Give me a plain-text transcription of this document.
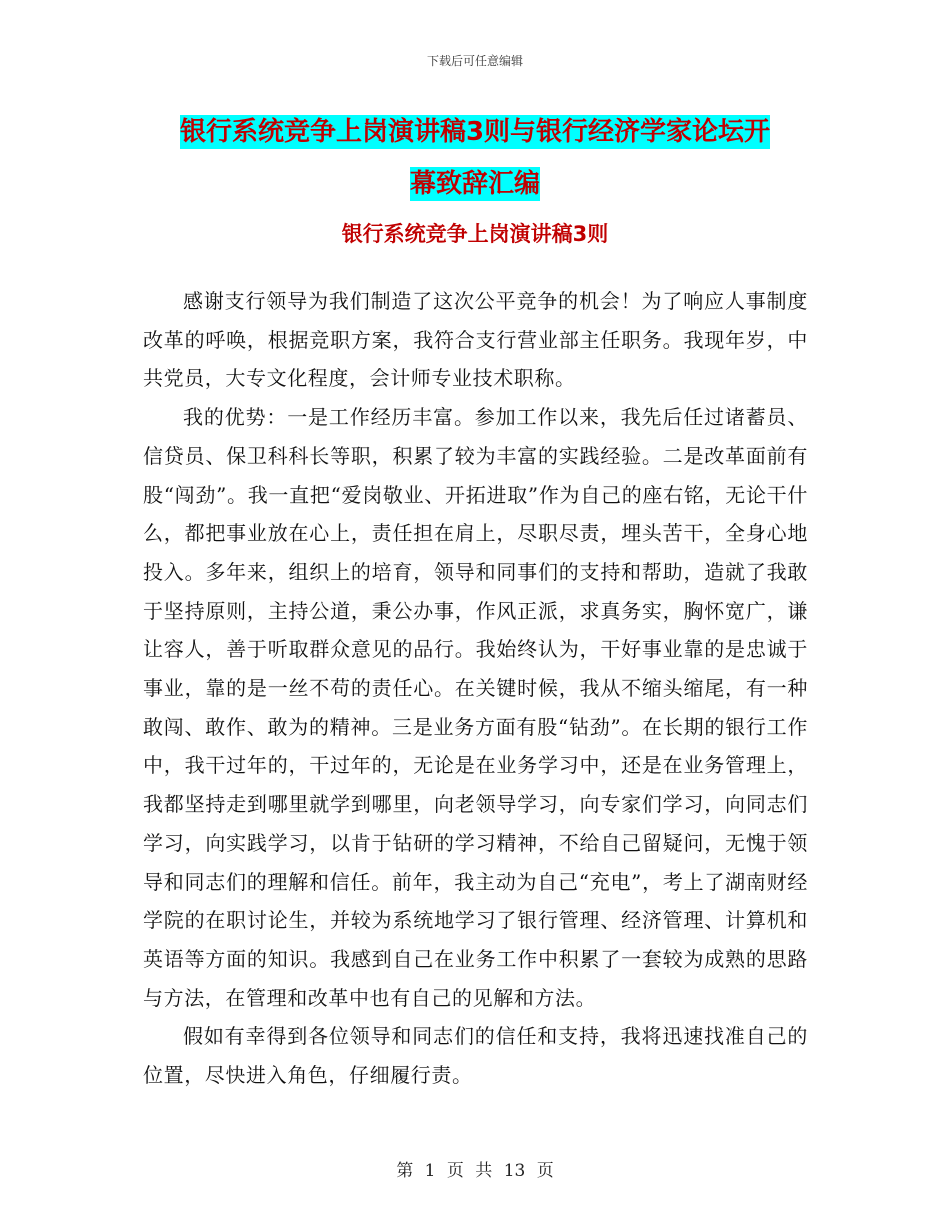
下载后可任意编辑
银行系统竞争上岗演讲稿3则与银行经济学家论坛开
幕致辞汇编
银行系统竞争上岗演讲稿3则

感谢支行领导为我们制造了这次公平竞争的机会！为了响应人事制度改革的呼唤，根据竞职方案，我符合支行营业部主任职务。我现年岁，中共党员，大专文化程度，会计师专业技术职称。

我的优势：一是工作经历丰富。参加工作以来，我先后任过诸蓄员、信贷员、保卫科科长等职，积累了较为丰富的实践经验。二是改革面前有股“闯劲”。我一直把“爱岗敬业、开拓进取”作为自己的座右铭，无论干什么，都把事业放在心上，责任担在肩上，尽职尽责，埋头苦干，全身心地投入。多年来，组织上的培育，领导和同事们的支持和帮助，造就了我敢于坚持原则，主持公道，秉公办事，作风正派，求真务实，胸怀宽广，谦让容人，善于听取群众意见的品行。我始终认为，干好事业靠的是忠诚于事业，靠的是一丝不苟的责任心。在关键时候，我从不缩头缩尾，有一种敢闯、敢作、敢为的精神。三是业务方面有股“钻劲”。在长期的银行工作中，我干过年的，干过年的，无论是在业务学习中，还是在业务管理上，我都坚持走到哪里就学到哪里，向老领导学习，向专家们学习，向同志们学习，向实践学习，以肯于钻研的学习精神，不给自己留疑问，无愧于领导和同志们的理解和信任。前年，我主动为自己“充电”，考上了湖南财经学院的在职讨论生，并较为系统地学习了银行管理、经济管理、计算机和英语等方面的知识。我感到自己在业务工作中积累了一套较为成熟的思路与方法，在管理和改革中也有自己的见解和方法。

假如有幸得到各位领导和同志们的信任和支持，我将迅速找准自己的位置，尽快进入角色，仔细履行责。

第 1 页 共 13 页
